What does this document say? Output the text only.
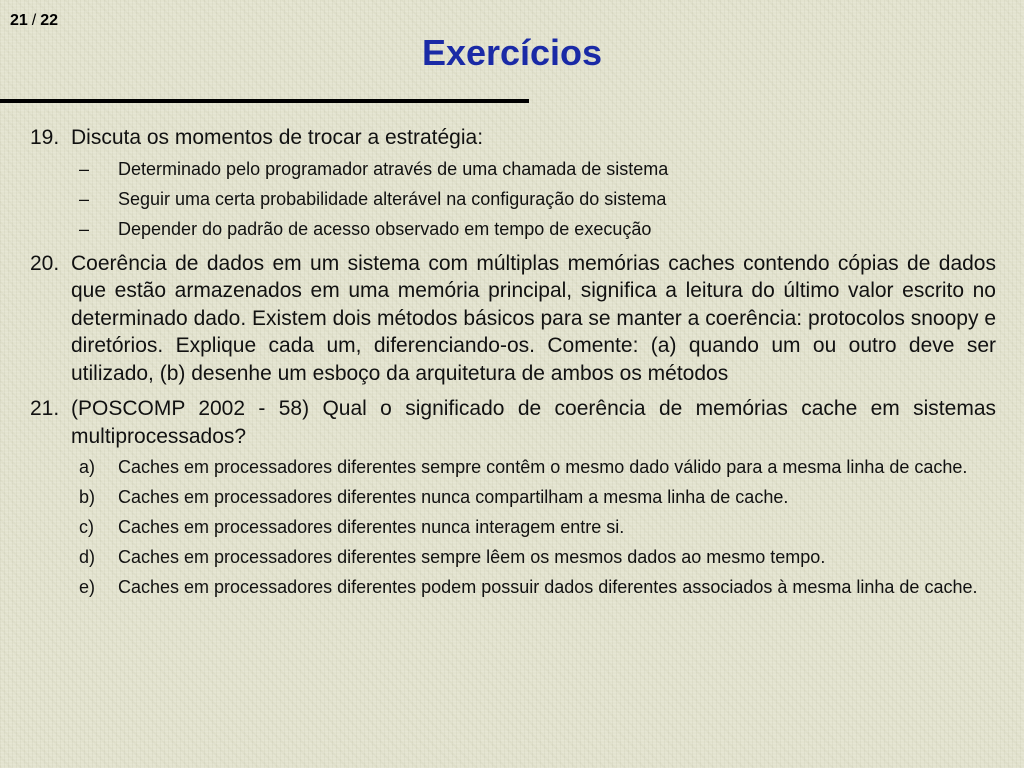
21 / 22
Exercícios
19. Discuta os momentos de trocar a estratégia:
–	Determinado pelo programador através de uma chamada de sistema
–	Seguir uma certa probabilidade alterável na configuração do sistema
–	Depender do padrão de acesso observado em tempo de execução
20. Coerência de dados em um sistema com múltiplas memórias caches contendo cópias de dados que estão armazenados em uma memória principal, significa a leitura do último valor escrito no determinado dado. Existem dois métodos básicos para se manter a coerência: protocolos snoopy e diretórios. Explique cada um, diferenciando-os. Comente: (a) quando um ou outro deve ser utilizado, (b) desenhe um esboço da arquitetura de ambos os métodos
21. (POSCOMP 2002 - 58) Qual o significado de coerência de memórias cache em sistemas multiprocessados?
a)	Caches em processadores diferentes sempre contêm o mesmo dado válido para a mesma linha de cache.
b)	Caches em processadores diferentes nunca compartilham a mesma linha de cache.
c)	Caches em processadores diferentes nunca interagem entre si.
d)	Caches em processadores diferentes sempre lêem os mesmos dados ao mesmo tempo.
e)	Caches em processadores diferentes podem possuir dados diferentes associados à mesma linha de cache.
